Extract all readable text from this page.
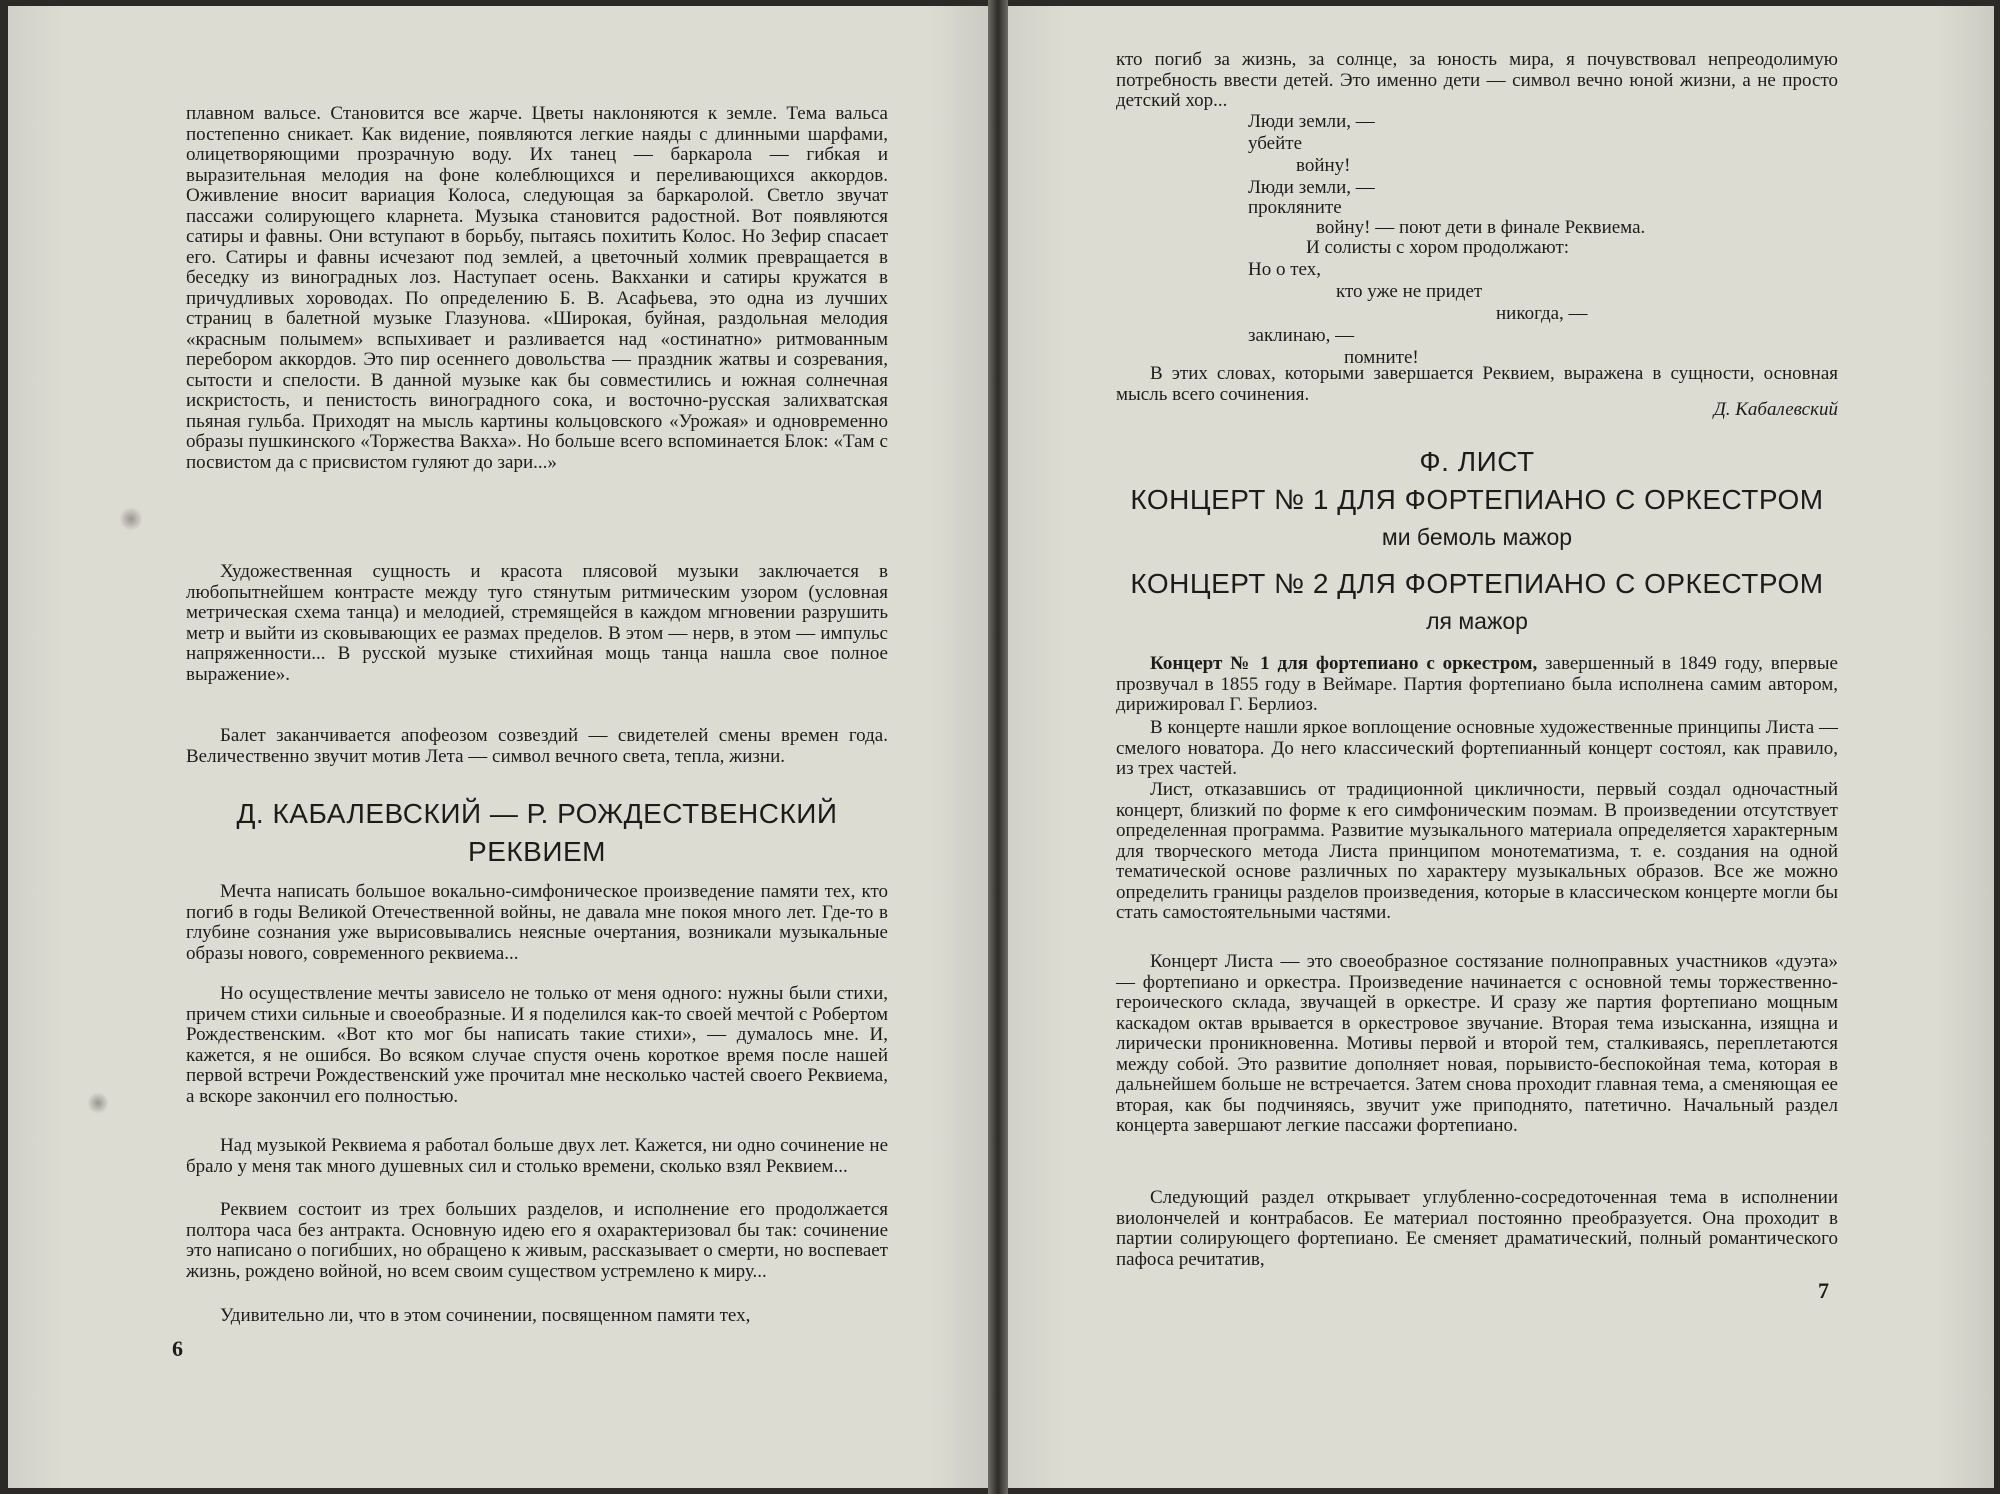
плавном вальсе. Становится все жарче. Цветы наклоняются к земле. Тема вальса постепенно сникает. Как видение, появляются легкие наяды с длинными шарфами, олицетворяющими прозрачную воду. Их танец — баркарола — гибкая и выразительная мелодия на фоне колеблющихся и переливающихся аккордов. Оживление вносит вариация Колоса, следующая за баркаролой. Светло звучат пассажи солирующего кларнета. Музыка становится радостной. Вот появляются сатиры и фавны. Они вступают в борьбу, пытаясь похитить Колос. Но Зефир спасает его. Сатиры и фавны исчезают под землей, а цветочный холмик превращается в беседку из виноградных лоз. Наступает осень. Вакханки и сатиры кружатся в причудливых хороводах. По определению Б. В. Асафьева, это одна из лучших страниц в балетной музыке Глазунова. «Широкая, буйная, раздольная мелодия «красным полымем» вспыхивает и разливается над «остинатно» ритмованным перебором аккордов. Это пир осеннего довольства — праздник жатвы и созревания, сытости и спелости. В данной музыке как бы совместились и южная солнечная искристость, и пенистость виноградного сока, и восточно-русская залихватская пьяная гульба. Приходят на мысль картины кольцовского «Урожая» и одновременно образы пушкинского «Торжества Вакха». Но больше всего вспоминается Блок: «Там с посвистом да с присвистом гуляют до зари...»

Художественная сущность и красота плясовой музыки заключается в любопытнейшем контрасте между туго стянутым ритмическим узором (условная метрическая схема танца) и мелодией, стремящейся в каждом мгновении разрушить метр и выйти из сковывающих ее размах пределов. В этом — нерв, в этом — импульс напряженности... В русской музыке стихийная мощь танца нашла свое полное выражение».

Балет заканчивается апофеозом созвездий — свидетелей смены времен года. Величественно звучит мотив Лета — символ вечного света, тепла, жизни.

Д. КАБАЛЕВСКИЙ — Р. РОЖДЕСТВЕНСКИЙ
РЕКВИЕМ

Мечта написать большое вокально-симфоническое произведение памяти тех, кто погиб в годы Великой Отечественной войны, не давала мне покоя много лет. Где-то в глубине сознания уже вырисовывались неясные очертания, возникали музыкальные образы нового, современного реквиема...

Но осуществление мечты зависело не только от меня одного: нужны были стихи, причем стихи сильные и своеобразные. И я поделился как-то своей мечтой с Робертом Рождественским. «Вот кто мог бы написать такие стихи», — думалось мне. И, кажется, я не ошибся. Во всяком случае спустя очень короткое время после нашей первой встречи Рождественский уже прочитал мне несколько частей своего Реквиема, а вскоре закончил его полностью.

Над музыкой Реквиема я работал больше двух лет. Кажется, ни одно сочинение не брало у меня так много душевных сил и столько времени, сколько взял Реквием...

Реквием состоит из трех больших разделов, и исполнение его продолжается полтора часа без антракта. Основную идею его я охарактеризовал бы так: сочинение это написано о погибших, но обращено к живым, рассказывает о смерти, но воспевает жизнь, рождено войной, но всем своим существом устремлено к миру...

Удивительно ли, что в этом сочинении, посвященном памяти тех,

6

кто погиб за жизнь, за солнце, за юность мира, я почувствовал непреодолимую потребность ввести детей. Это именно дети — символ вечно юной жизни, а не просто детский хор...

Люди земли, —
убейте
войну!
Люди земли, —
прокляните
войну! — поют дети в финале Реквиема.
И солисты с хором продолжают:
Но о тех,
кто уже не придет
никогда, —
заклинаю, —
помните!

В этих словах, которыми завершается Реквием, выражена в сущности, основная мысль всего сочинения.

Д. Кабалевский

Ф. ЛИСТ
КОНЦЕРТ № 1 ДЛЯ ФОРТЕПИАНО С ОРКЕСТРОМ
ми бемоль мажор
КОНЦЕРТ № 2 ДЛЯ ФОРТЕПИАНО С ОРКЕСТРОМ
ля мажор

Концерт № 1 для фортепиано с оркестром, завершенный в 1849 году, впервые прозвучал в 1855 году в Веймаре. Партия фортепиано была исполнена самим автором, дирижировал Г. Берлиоз.

В концерте нашли яркое воплощение основные художественные принципы Листа — смелого новатора. До него классический фортепианный концерт состоял, как правило, из трех частей.

Лист, отказавшись от традиционной цикличности, первый создал одночастный концерт, близкий по форме к его симфоническим поэмам. В произведении отсутствует определенная программа. Развитие музыкального материала определяется характерным для творческого метода Листа принципом монотематизма, т. е. создания на одной тематической основе различных по характеру музыкальных образов. Все же можно определить границы разделов произведения, которые в классическом концерте могли бы стать самостоятельными частями.

Концерт Листа — это своеобразное состязание полноправных участников «дуэта» — фортепиано и оркестра. Произведение начинается с основной темы торжественно-героического склада, звучащей в оркестре. И сразу же партия фортепиано мощным каскадом октав врывается в оркестровое звучание. Вторая тема изысканна, изящна и лирически проникновенна. Мотивы первой и второй тем, сталкиваясь, переплетаются между собой. Это развитие дополняет новая, порывисто-беспокойная тема, которая в дальнейшем больше не встречается. Затем снова проходит главная тема, а сменяющая ее вторая, как бы подчиняясь, звучит уже приподнято, патетично. Начальный раздел концерта завершают легкие пассажи фортепиано.

Следующий раздел открывает углубленно-сосредоточенная тема в исполнении виолончелей и контрабасов. Ее материал постоянно преобразуется. Она проходит в партии солирующего фортепиано. Ее сменяет драматический, полный романтического пафоса речитатив,

7
